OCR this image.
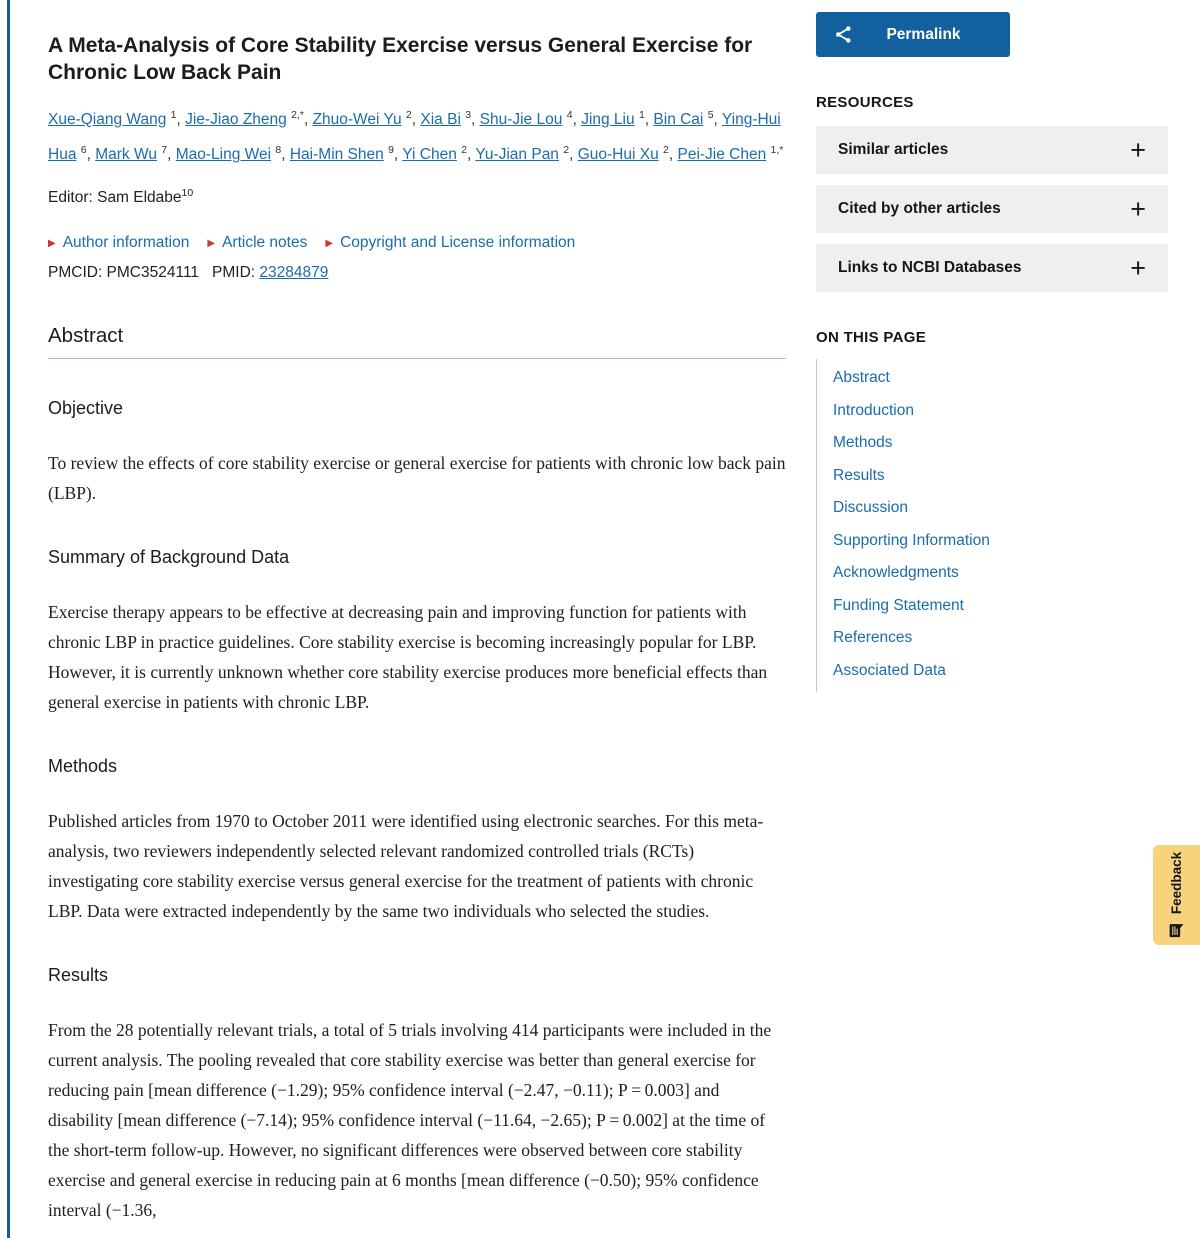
A Meta-Analysis of Core Stability Exercise versus General Exercise for Chronic Low Back Pain

Xue-Qiang Wang $^1$, Jie-Jiao Zheng $^{2,*}$, Zhuo-Wei Yu $^2$, Xia Bi $^3$, Shu-Jie Lou $^4$, Jing Liu $^1$, Bin Cai $^5$, Ying-Hui Hua $^6$, Mark Wu $^7$, Mao-Ling Wei $^8$, Hai-Min Shen $^9$, Yi Chen $^2$, Yu-Jian Pan $^2$, Guo-Hui Xu $^2$, Pei-Jie Chen $^{1,*}$

Editor: Sam Eldabe$^{10}$

▶ Author information ▶ Article notes ▶ Copyright and License information

PMCID: PMC3524111 PMID: 23284879

Abstract
Objective

To review the effects of core stability exercise or general exercise for patients with chronic low back pain (LBP).

Summary of Background Data

Exercise therapy appears to be effective at decreasing pain and improving function for patients with chronic LBP in practice guidelines. Core stability exercise is becoming increasingly popular for LBP. However, it is currently unknown whether core stability exercise produces more beneficial effects than general exercise in patients with chronic LBP.

Methods

Published articles from 1970 to October 2011 were identified using electronic searches. For this meta-analysis, two reviewers independently selected relevant randomized controlled trials (RCTs) investigating core stability exercise versus general exercise for the treatment of patients with chronic LBP. Data were extracted independently by the same two individuals who selected the studies.

Results

From the 28 potentially relevant trials, a total of 5 trials involving 414 participants were included in the current analysis. The pooling revealed that core stability exercise was better than general exercise for reducing pain [mean difference (−1.29); 95% confidence interval (−2.47, −0.11); P = 0.003] and disability [mean difference (−7.14); 95% confidence interval (−11.64, −2.65); P = 0.002] at the time of the short-term follow-up. However, no significant differences were observed between core stability exercise and general exercise in reducing pain at 6 months [mean difference (−0.50); 95% confidence interval (−1.36,

Permalink
RESOURCES
Similar articles	+
Cited by other articles	+
Links to NCBI Databases	+
ON THIS PAGE
Abstract
Introduction
Methods
Results
Discussion
Supporting Information
Acknowledgments
Funding Statement
References
Associated Data
Feedback
